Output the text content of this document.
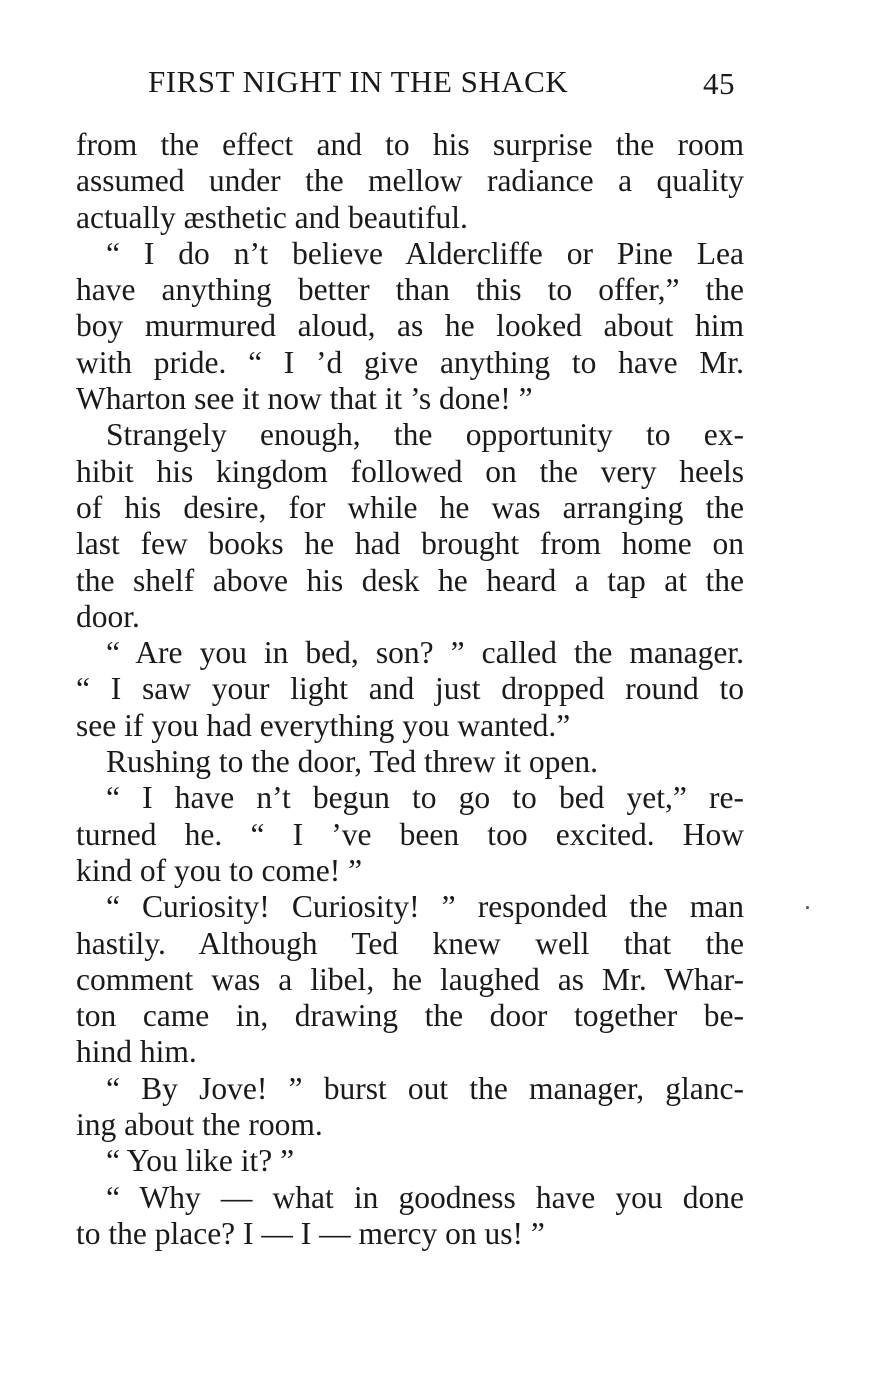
FIRST NIGHT IN THE SHACK	45
from the effect and to his surprise the room
assumed under the mellow radiance a quality
actually æsthetic and beautiful.
“ I do n’t believe Aldercliffe or Pine Lea
have anything better than this to offer,” the
boy murmured aloud, as he looked about him
with pride. “ I ’d give anything to have Mr.
Wharton see it now that it ’s done! ”
Strangely enough, the opportunity to ex-
hibit his kingdom followed on the very heels
of his desire, for while he was arranging the
last few books he had brought from home on
the shelf above his desk he heard a tap at the
door.
“ Are you in bed, son? ” called the manager.
“ I saw your light and just dropped round to
see if you had everything you wanted.”
Rushing to the door, Ted threw it open.
“ I have n’t begun to go to bed yet,” re-
turned he. “ I ’ve been too excited. How
kind of you to come! ”
“ Curiosity! Curiosity! ” responded the man
hastily. Although Ted knew well that the
comment was a libel, he laughed as Mr. Whar-
ton came in, drawing the door together be-
hind him.
“ By Jove! ” burst out the manager, glanc-
ing about the room.
“ You like it? ”
“ Why — what in goodness have you done
to the place? I — I — mercy on us! ”
